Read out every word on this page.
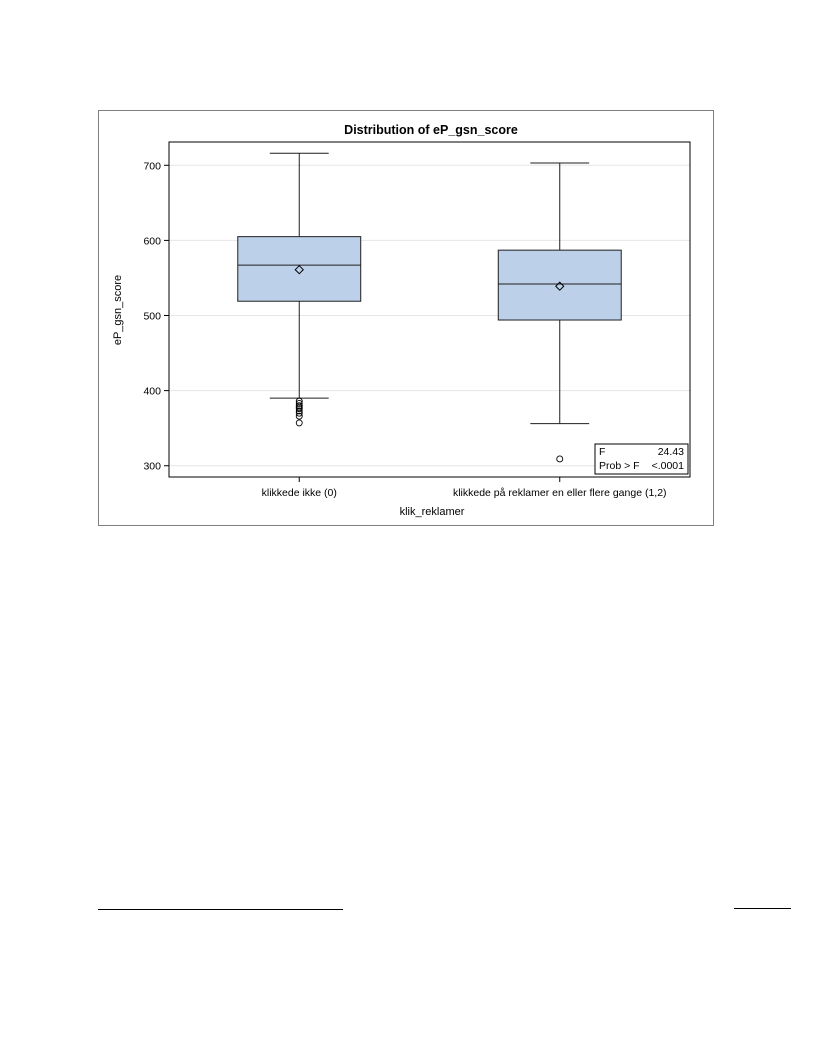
Distribution of eP_gsn_score
300
400
500
600
700
klikkede ikke (0)	klikkede på reklamer en eller flere gange (1,2)
eP_gsn_score
klik_reklamer
F	24.43
Prob > F <.0001
